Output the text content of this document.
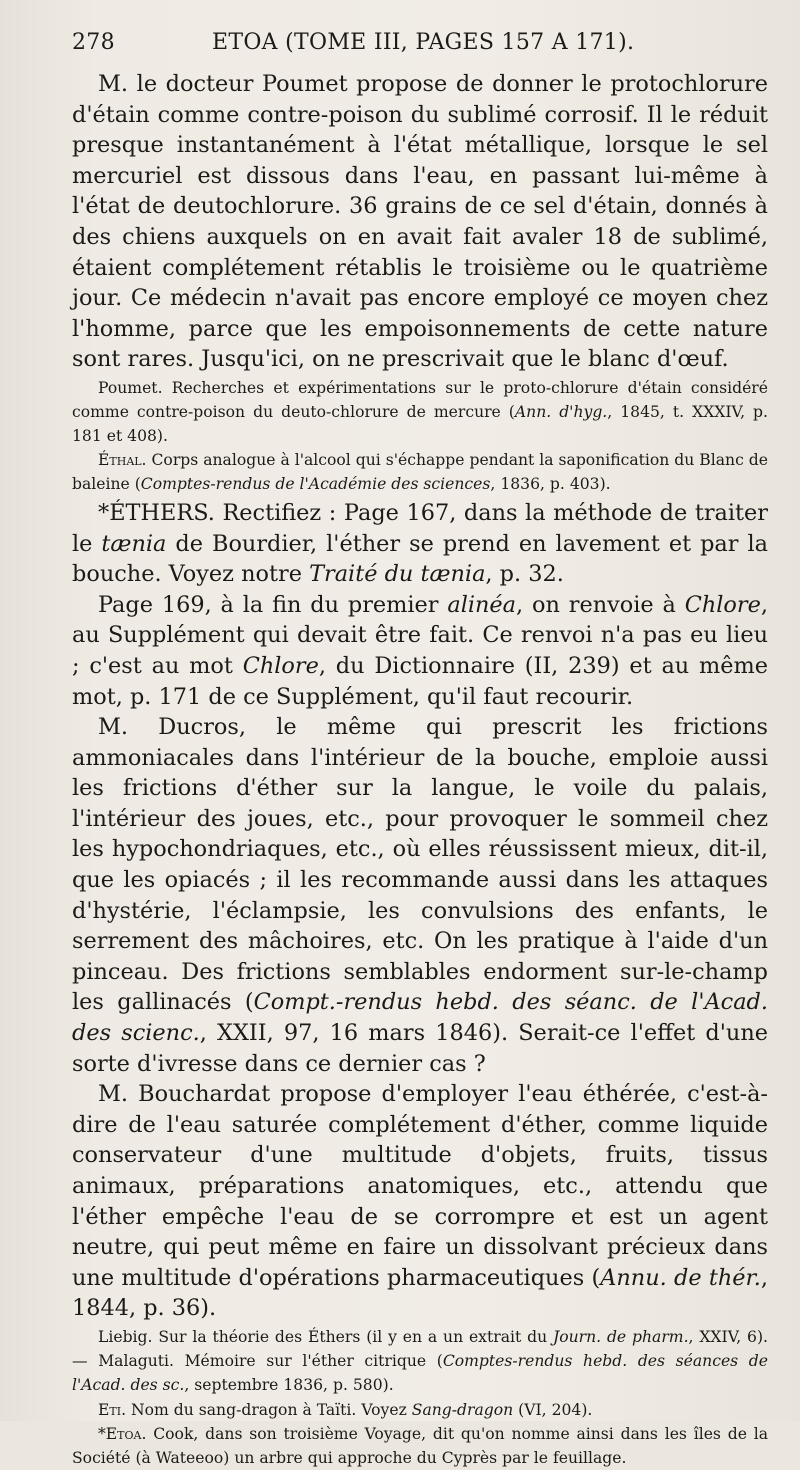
278	ETOA (TOME III, PAGES 157 A 171).

M. le docteur Poumet propose de donner le protochlorure d'étain comme contre-poison du sublimé corrosif. Il le réduit presque instantanément à l'état métallique, lorsque le sel mercuriel est dissous dans l'eau, en passant lui-même à l'état de deutochlorure. 36 grains de ce sel d'étain, donnés à des chiens auxquels on en avait fait avaler 18 de sublimé, étaient complétement rétablis le troisième ou le quatrième jour. Ce médecin n'avait pas encore employé ce moyen chez l'homme, parce que les empoisonnements de cette nature sont rares. Jusqu'ici, on ne prescrivait que le blanc d'œuf.

Poumet. Recherches et expérimentations sur le proto-chlorure d'étain considéré comme contre-poison du deuto-chlorure de mercure (Ann. d'hyg., 1845, t. XXXIV, p. 181 et 408).

Éthal. Corps analogue à l'alcool qui s'échappe pendant la saponification du Blanc de baleine (Comptes-rendus de l'Académie des sciences, 1836, p. 403).

*ÉTHERS. Rectifiez : Page 167, dans la méthode de traiter le tænia de Bourdier, l'éther se prend en lavement et par la bouche. Voyez notre Traité du tænia, p. 32.

Page 169, à la fin du premier alinéa, on renvoie à Chlore, au Supplément qui devait être fait. Ce renvoi n'a pas eu lieu ; c'est au mot Chlore, du Dictionnaire (II, 239) et au même mot, p. 171 de ce Supplément, qu'il faut recourir.

M. Ducros, le même qui prescrit les frictions ammoniacales dans l'intérieur de la bouche, emploie aussi les frictions d'éther sur la langue, le voile du palais, l'intérieur des joues, etc., pour provoquer le sommeil chez les hypochondriaques, etc., où elles réussissent mieux, dit-il, que les opiacés ; il les recommande aussi dans les attaques d'hystérie, l'éclampsie, les convulsions des enfants, le serrement des mâchoires, etc. On les pratique à l'aide d'un pinceau. Des frictions semblables endorment sur-le-champ les gallinacés (Compt.-rendus hebd. des séanc. de l'Acad. des scienc., XXII, 97, 16 mars 1846). Serait-ce l'effet d'une sorte d'ivresse dans ce dernier cas ?

M. Bouchardat propose d'employer l'eau éthérée, c'est-à-dire de l'eau saturée complétement d'éther, comme liquide conservateur d'une multitude d'objets, fruits, tissus animaux, préparations anatomiques, etc., attendu que l'éther empêche l'eau de se corrompre et est un agent neutre, qui peut même en faire un dissolvant précieux dans une multitude d'opérations pharmaceutiques (Annu. de thér., 1844, p. 36).

Liebig. Sur la théorie des Éthers (il y en a un extrait du Journ. de pharm., XXIV, 6). — Malaguti. Mémoire sur l'éther citrique (Comptes-rendus hebd. des séances de l'Acad. des sc., septembre 1836, p. 580).

Eti. Nom du sang-dragon à Taïti. Voyez Sang-dragon (VI, 204).

*Etoa. Cook, dans son troisième Voyage, dit qu'on nomme ainsi dans les îles de la Société (à Wateeoo) un arbre qui approche du Cyprès par le feuillage.
